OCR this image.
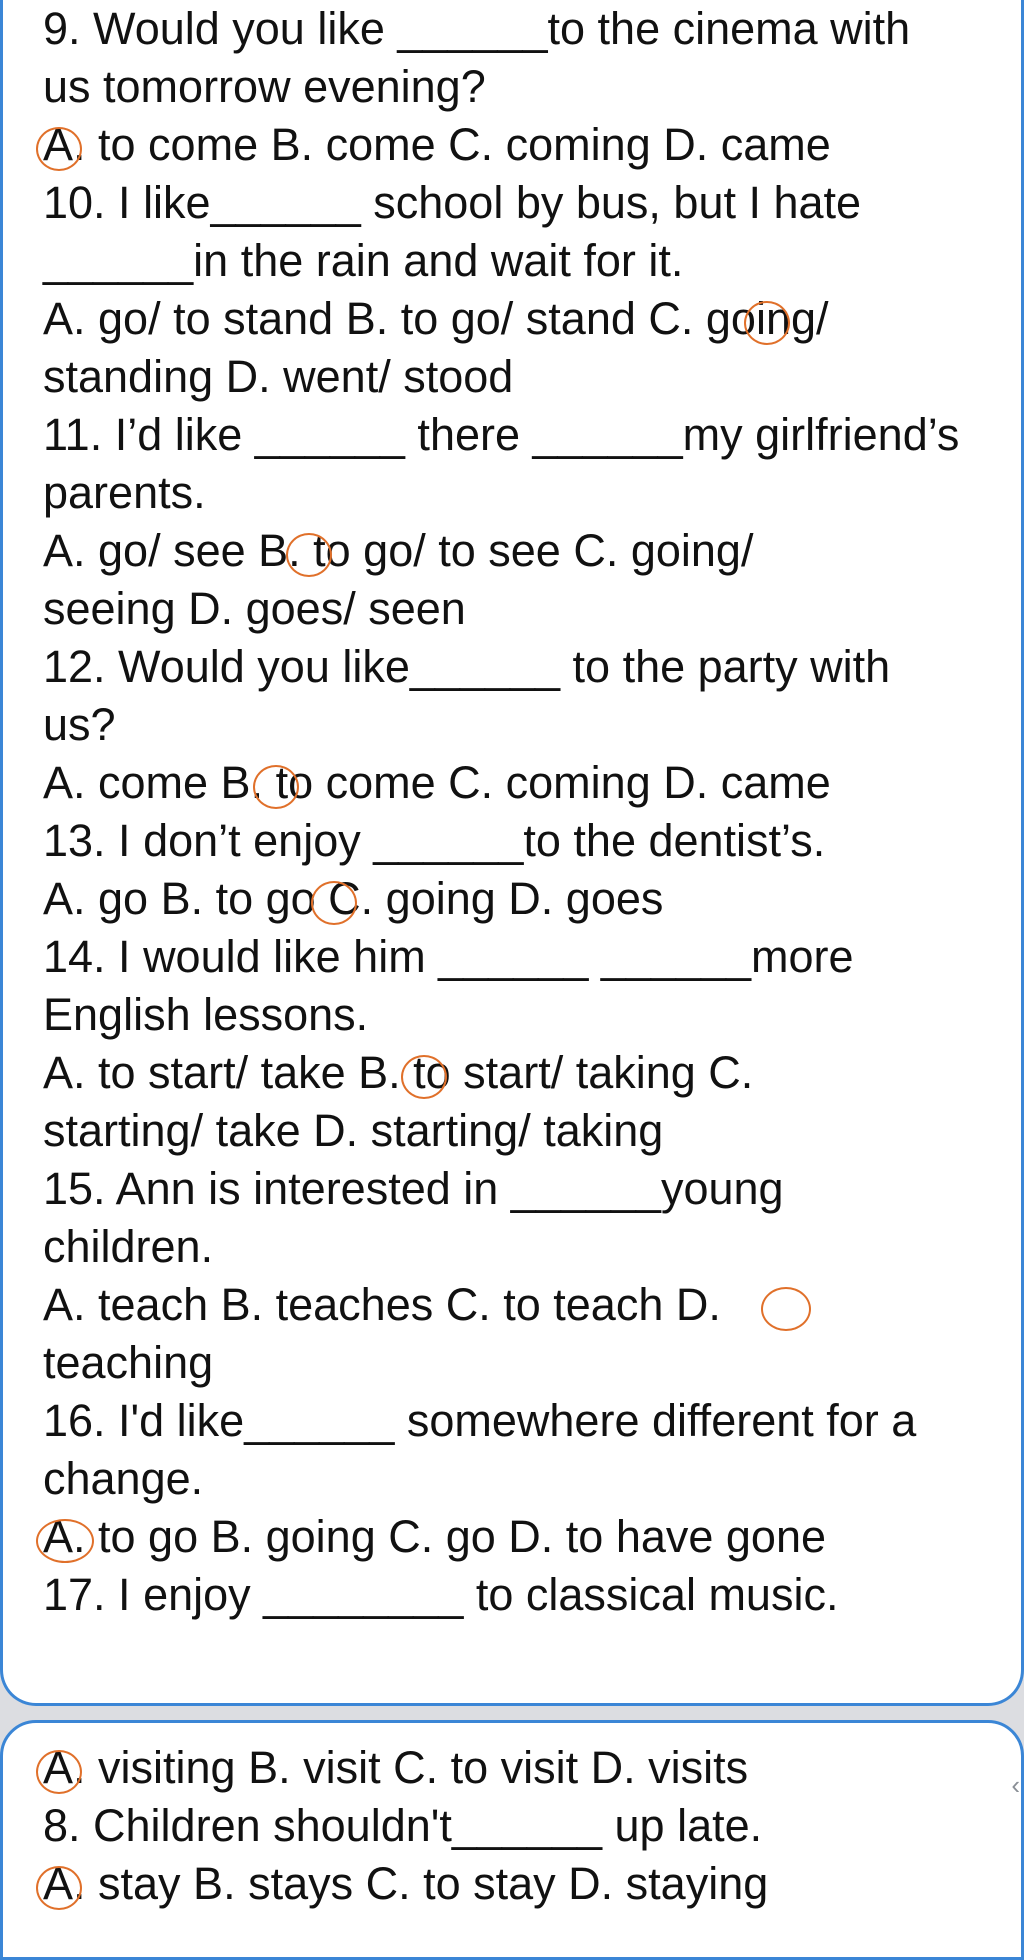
9. Would you like ______to the cinema with
us tomorrow evening?
A. to come B. come C. coming D. came
10. I like______ school by bus, but I hate
______in the rain and wait for it.
A. go/ to stand B. to go/ stand C. going/
standing D. went/ stood
11. I’d like ______ there ______my girlfriend’s
parents.
A. go/ see B. to go/ to see C. going/
seeing D. goes/ seen
12. Would you like______ to the party with
us?
A. come B. to come C. coming D. came
13. I don’t enjoy ______to the dentist’s.
A. go B. to go C. going D. goes
14. I would like him ______ ______more
English lessons.
A. to start/ take B. to start/ taking C.
starting/ take D. starting/ taking
15. Ann is interested in ______young
children.
A. teach B. teaches C. to teach D.
teaching
16. I'd like______ somewhere different for a
change.
A. to go B. going C. go D. to have gone
17. I enjoy ________ to classical music.
A. visiting B. visit C. to visit D. visits
8. Children shouldn't______ up late.
A. stay B. stays C. to stay D. staying
‹
